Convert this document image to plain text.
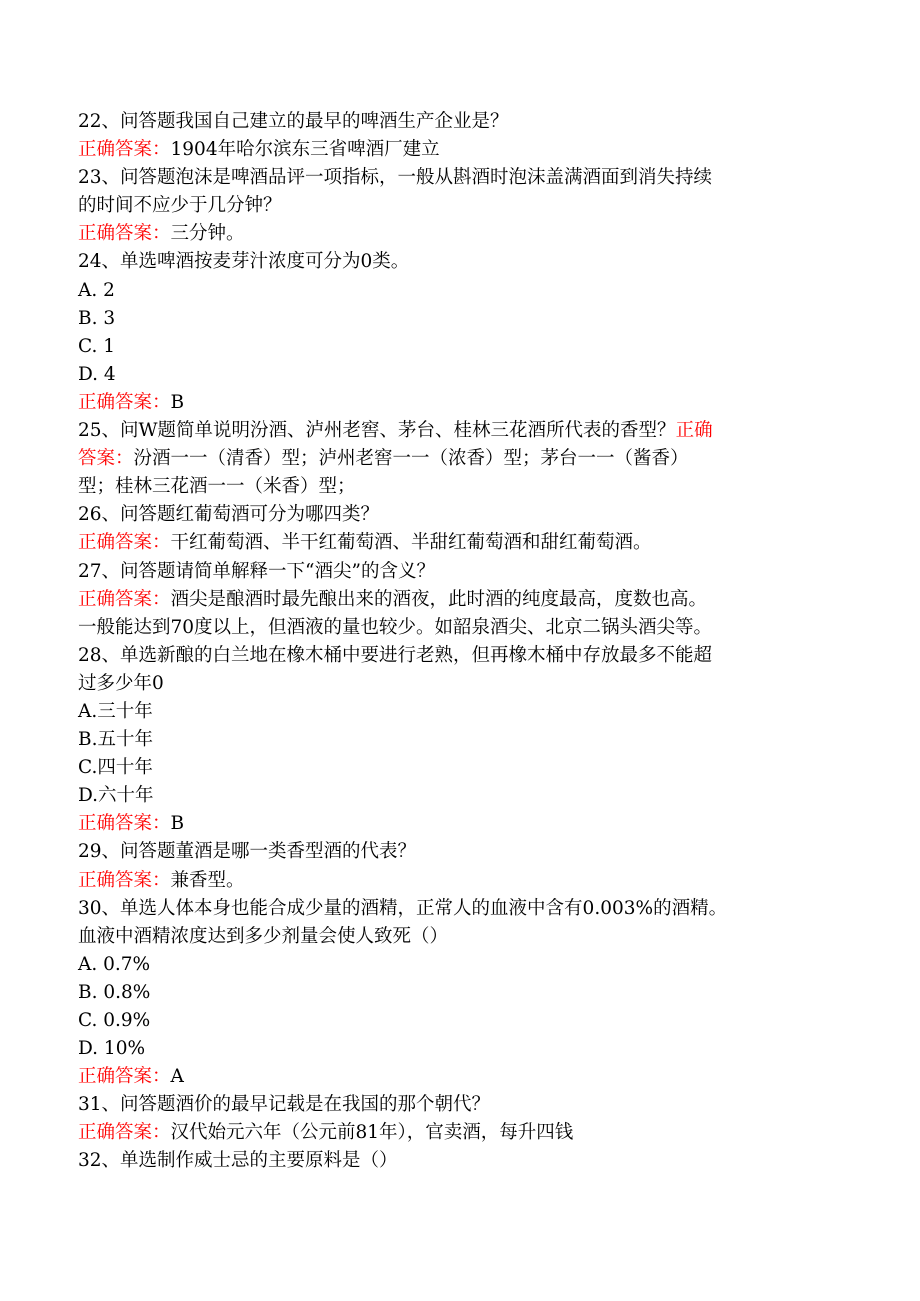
22、问答题我国自己建立的最早的啤酒生产企业是？
正确答案：1904年哈尔滨东三省啤酒厂建立
23、问答题泡沫是啤酒品评一项指标，一般从斟酒时泡沫盖满酒面到消失持续
的时间不应少于几分钟？
正确答案：三分钟。
24、单选啤酒按麦芽汁浓度可分为0类。
A. 2
B. 3
C. 1
D. 4
正确答案：B
25、问W题简单说明汾酒、泸州老窖、茅台、桂林三花酒所代表的香型？正确
答案：汾酒一一（清香）型；泸州老窖一一（浓香）型；茅台一一（酱香）
型；桂林三花酒一一（米香）型；
26、问答题红葡萄酒可分为哪四类？
正确答案：干红葡萄酒、半干红葡萄酒、半甜红葡萄酒和甜红葡萄酒。
27、问答题请简单解释一下“酒尖”的含义？
正确答案：酒尖是酿酒时最先酿出来的酒夜，此时酒的纯度最高，度数也高。
一般能达到70度以上，但酒液的量也较少。如韶泉酒尖、北京二锅头酒尖等。
28、单选新酿的白兰地在橡木桶中要进行老熟，但再橡木桶中存放最多不能超
过多少年0
A.三十年
B.五十年
C.四十年
D.六十年
正确答案：B
29、问答题董酒是哪一类香型酒的代表？
正确答案：兼香型。
30、单选人体本身也能合成少量的酒精，正常人的血液中含有0.003%的酒精。
血液中酒精浓度达到多少剂量会使人致死（）
A. 0.7%
B. 0.8%
C. 0.9%
D. 10%
正确答案：A
31、问答题酒价的最早记载是在我国的那个朝代？
正确答案：汉代始元六年（公元前81年），官卖酒，每升四钱
32、单选制作威士忌的主要原料是（）
